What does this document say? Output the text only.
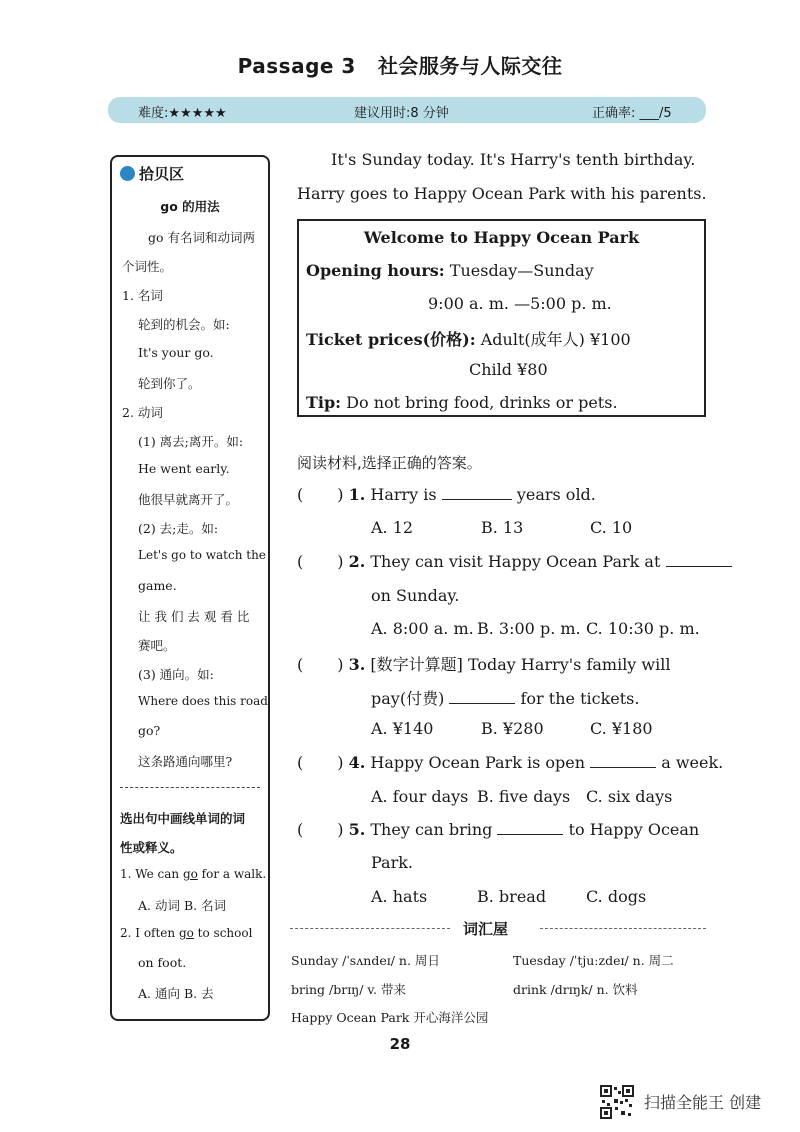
Passage 3 社会服务与人际交往
难度:★★★★★	建议用时:8 分钟	正确率: ___/5
拾贝区
go 的用法
go 有名词和动词两
个词性。
1. 名词
轮到的机会。如:
It's your go.
轮到你了。
2. 动词
(1) 离去;离开。如:
He went early.
他很早就离开了。
(2) 去;走。如:
Let's go to watch the
game.
让 我 们 去 观 看 比
赛吧。
(3) 通向。如:
Where does this road
go?
这条路通向哪里?
选出句中画线单词的词
性或释义。
1. We can go for a walk.
A. 动词 B. 名词
2. I often go to school
on foot.
A. 通向 B. 去
It's Sunday today. It's Harry's tenth birthday.
Harry goes to Happy Ocean Park with his parents.
Welcome to Happy Ocean Park
Opening hours: Tuesday—Sunday
9:00 a. m. —5:00 p. m.
Ticket prices(价格): Adult(成年人) ¥100
Child ¥80
Tip: Do not bring food, drinks or pets.
阅读材料,选择正确的答案。
( ) 1. Harry is	years old.
A. 12	B. 13	C. 10
( ) 2. They can visit Happy Ocean Park at
on Sunday.
A. 8:00 a. m. B. 3:00 p. m. C. 10:30 p. m.
( ) 3. [数字计算题] Today Harry's family will
pay(付费)	for the tickets.
A. ¥140	B. ¥280	C. ¥180
( ) 4. Happy Ocean Park is open	a week.
A. four days B. five days C. six days
( ) 5. They can bring	to Happy Ocean
Park.
A. hats	B. bread C. dogs
词汇屋
Sunday /ˈsʌndeɪ/ n. 周日	Tuesday /ˈtjuːzdeɪ/ n. 周二
bring /brɪŋ/ v. 带来	drink /drɪŋk/ n. 饮料
Happy Ocean Park 开心海洋公园
28
扫描全能王 创建
